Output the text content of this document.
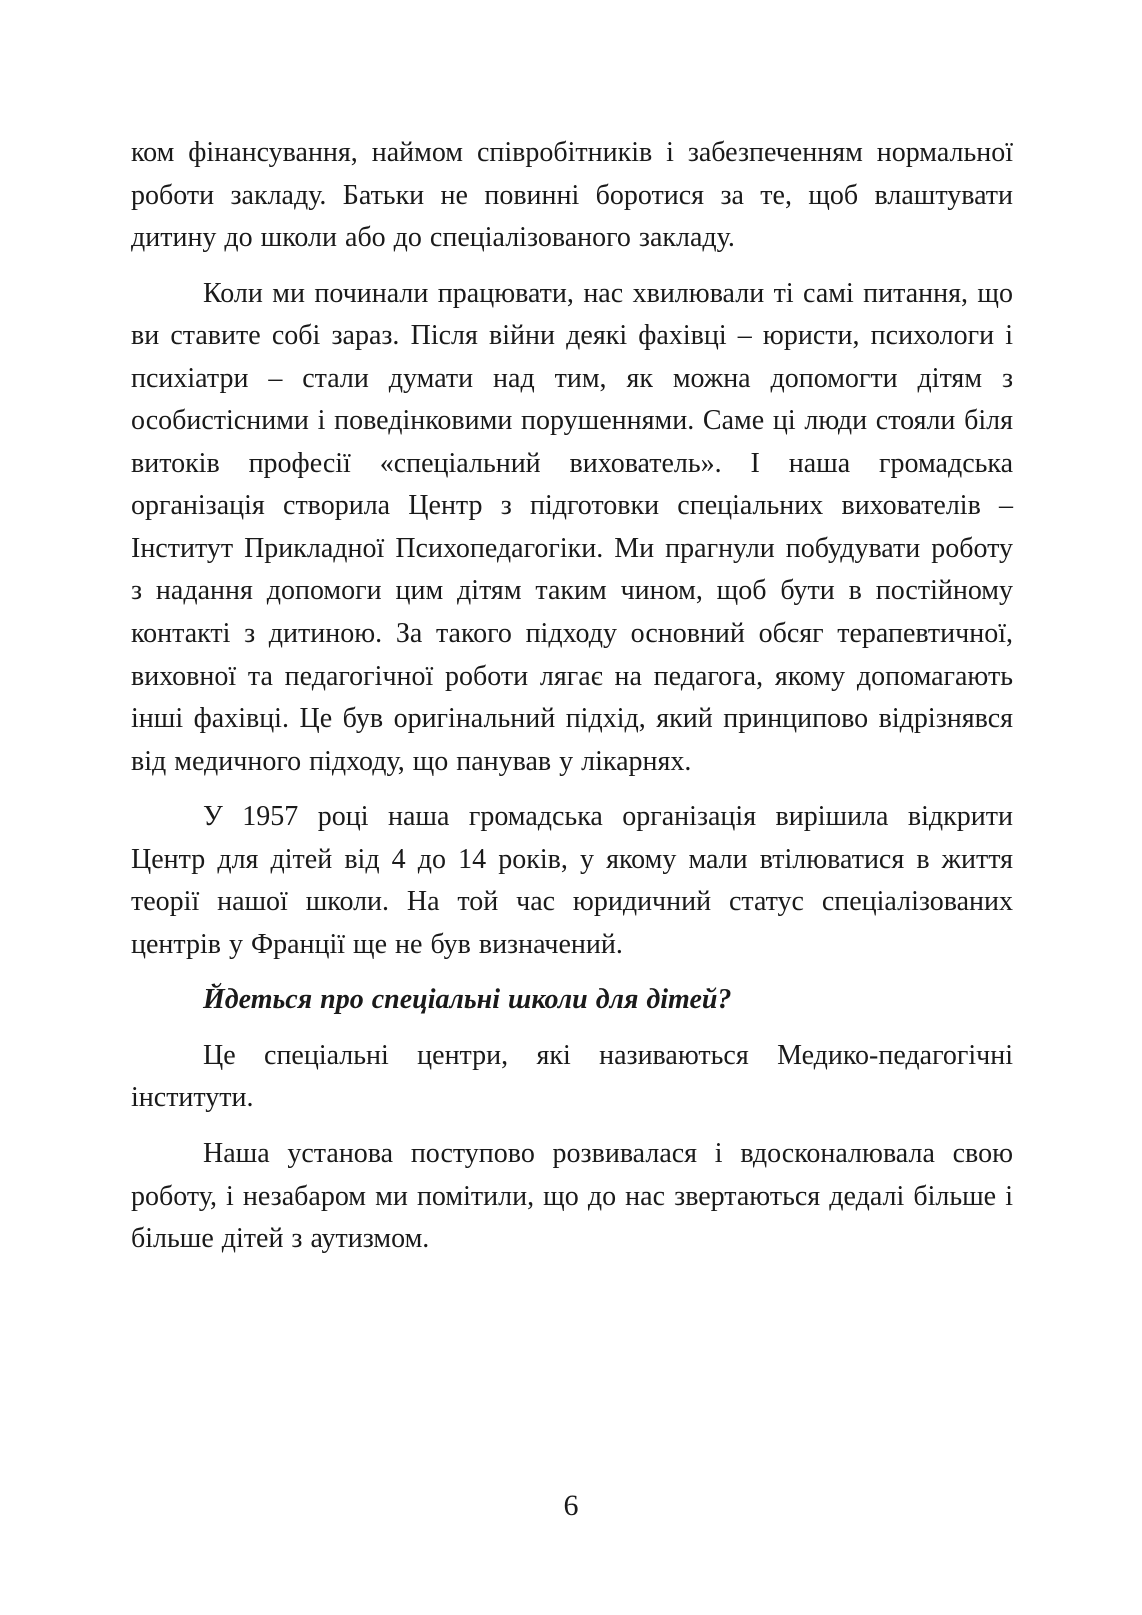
ком фінансування, наймом співробітників і забезпеченням нормальної роботи закладу. Батьки не повинні боротися за те, щоб влаштувати дитину до школи або до спеціалізованого закладу.

Коли ми починали працювати, нас хвилювали ті самі питання, що ви ставите собі зараз. Після війни деякі фахівці – юристи, психологи і психіатри – стали думати над тим, як можна допомогти дітям з особистісними і поведінковими порушеннями. Саме ці люди стояли біля витоків професії «спеціальний вихователь». І наша громадська організація створила Центр з підготовки спеціальних вихователів – Інститут Прикладної Психопедагогіки. Ми прагнули побудувати роботу з надання допомоги цим дітям таким чином, щоб бути в постійному контакті з дитиною. За такого підходу основний обсяг терапевтичної, виховної та педагогічної роботи лягає на педагога, якому допомагають інші фахівці. Це був оригінальний підхід, який принципово відрізнявся від медичного підходу, що панував у лікарнях.

У 1957 році наша громадська організація вирішила відкрити Центр для дітей від 4 до 14 років, у якому мали втілюватися в життя теорії нашої школи. На той час юридичний статус спеціалізованих центрів у Франції ще не був визначений.

Йдеться про спеціальні школи для дітей?

Це спеціальні центри, які називаються Медико-педагогічні інститути.

Наша установа поступово розвивалася і вдосконалювала свою роботу, і незабаром ми помітили, що до нас звертаються дедалі більше і більше дітей з аутизмом.

6
